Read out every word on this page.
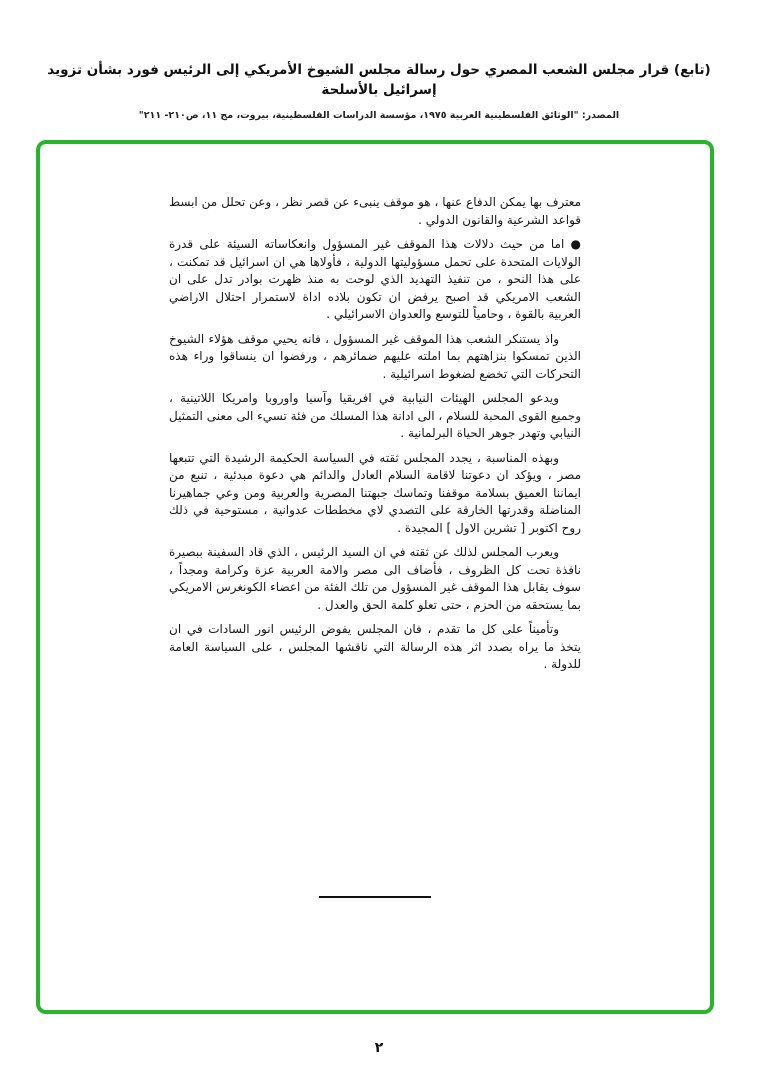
(تابع) قرار مجلس الشعب المصري حول رسالة مجلس الشيوخ الأمريكي إلى الرئيس فورد بشأن تزويد إسرائيل بالأسلحة
المصدر: "الوثائق الفلسطينية العربية ١٩٧٥، مؤسسة الدراسات الفلسطينية، بيروت، مج ١١، ص٢١٠- ٢١١"

معترف بها يمكن الدفاع عنها ، هو موقف ينبىء عن قصر نظر ، وعن تحلل من ابسط قواعد الشرعية والقانون الدولي .

● اما من حيث دلالات هذا الموقف غير المسؤول وانعكاساته السيئة على قدرة الولايات المتحدة على تحمل مسؤوليتها الدولية ، فأولاها هي ان اسرائيل قد تمكنت ، على هذا النحو ، من تنفيذ التهديد الذي لوحت به منذ ظهرت بوادر تدل على ان الشعب الامريكي قد اصبح يرفض ان تكون بلاده اداة لاستمرار احتلال الاراضي العربية بالقوة ، وحامياً للتوسع والعدوان الاسرائيلي .

واذ يستنكر الشعب هذا الموقف غير المسؤول ، فانه يحيي موقف هؤلاء الشيوخ الذين تمسكوا بنزاهتهم بما املته عليهم ضمائرهم ، ورفضوا ان ينساقوا وراء هذه التحركات التي تخضع لضغوط اسرائيلية .

ويدعو المجلس الهيئات النيابية في افريقيا وآسيا واوروبا وامريكا اللاتينية ، وجميع القوى المحبة للسلام ، الى ادانة هذا المسلك من فئة تسيء الى معنى التمثيل النيابي وتهدر جوهر الحياة البرلمانية .

وبهذه المناسبة ، يجدد المجلس ثقته في السياسة الحكيمة الرشيدة التي تتبعها مصر ، ويؤكد ان دعوتنا لاقامة السلام العادل والدائم هي دعوة مبدئية ، تنبع من ايماننا العميق بسلامة موقفنا وتماسك جبهتنا المصرية والعربية ومن وعي جماهيرنا المناضلة وقدرتها الخارقة على التصدي لاي مخططات عدوانية ، مستوحية في ذلك روح اكتوبر [ تشرين الاول ] المجيدة .

ويعرب المجلس لذلك عن ثقته في ان السيد الرئيس ، الذي قاد السفينة ببصيرة نافذة تحت كل الظروف ، فأضاف الى مصر والامة العربية عزة وكرامة ومجداً ، سوف يقابل هذا الموقف غير المسؤول من تلك الفئة من اعضاء الكونغرس الامريكي بما يستحقه من الحزم ، حتى تعلو كلمة الحق والعدل .

وتأميناً على كل ما تقدم ، فان المجلس يفوض الرئيس انور السادات في ان يتخذ ما يراه بصدد اثر هذه الرسالة التي ناقشها المجلس ، على السياسة العامة للدولة .

٢
